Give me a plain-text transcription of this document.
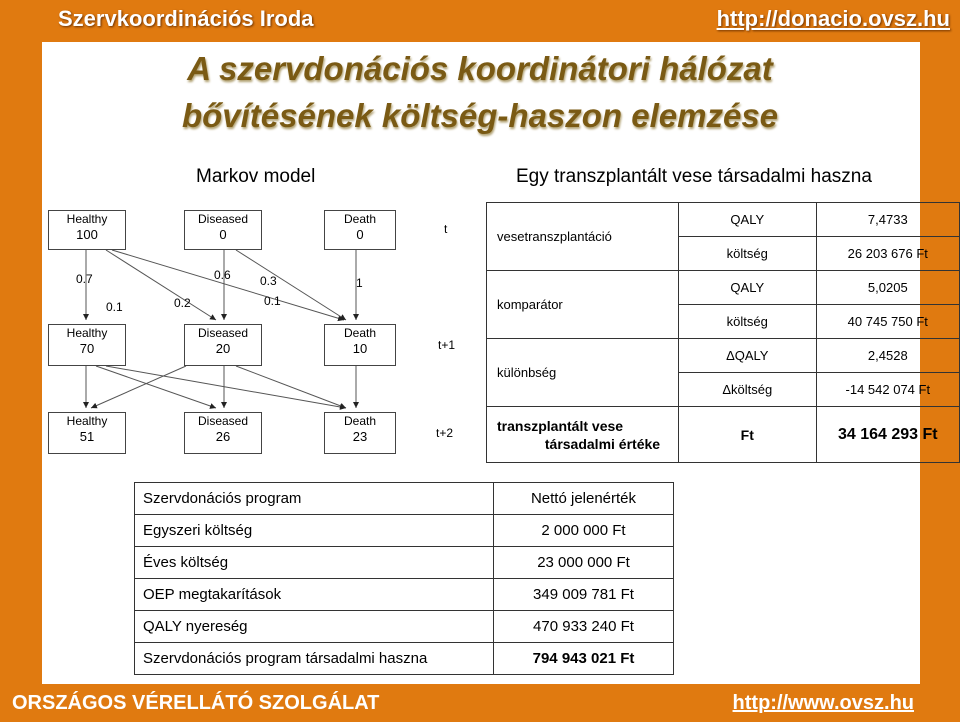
Szervkoordinációs Iroda	http://donacio.ovsz.hu
A szervdonációs koordinátori hálózat
bővítésének költség-haszon elemzése
Markov model	Egy transzplantált vese társadalmi haszna
Healthy
100
Diseased
0
Death
0
Healthy
70
Diseased
20
Death
10
Healthy
51
Diseased
26
Death
23
0.7
0.1	0.2
0.6 0.3
0.1
1
t
t+1
t+2
vesetranszplantáció	QALY	7,4733
	költség	26 203 676 Ft
komparátor	QALY	5,0205
	költség	40 745 750 Ft
különbség	ΔQALY	2,4528
	Δköltség	-14 542 074 Ft

transzplantált vese
társadalmi értéke	Ft	34 164 293 Ft
Szervdonációs program	Nettó jelenérték
Egyszeri költség	2 000 000 Ft
Éves költség	23 000 000 Ft
OEP megtakarítások	349 009 781 Ft
QALY nyereség	470 933 240 Ft
Szervdonációs program társadalmi haszna	794 943 021 Ft
ORSZÁGOS VÉRELLÁTÓ SZOLGÁLAT	http://www.ovsz.hu
